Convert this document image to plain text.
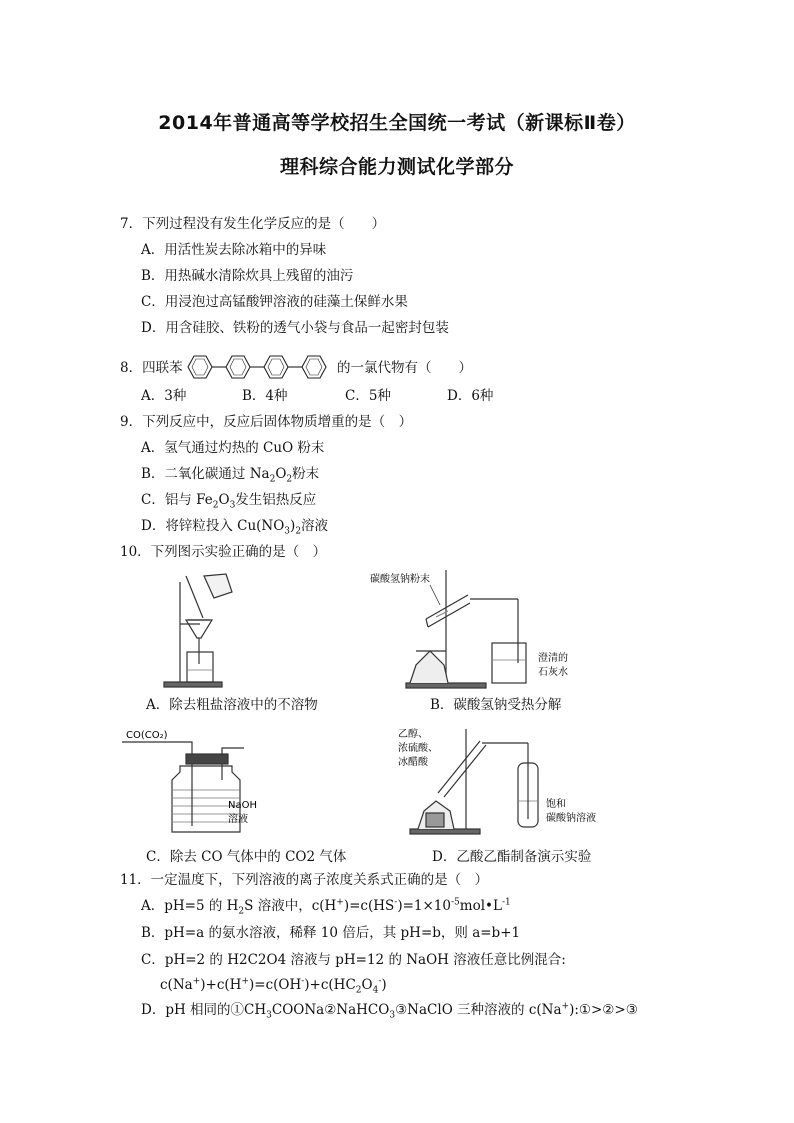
2014年普通高等学校招生全国统一考试（新课标Ⅱ卷）
理科综合能力测试化学部分
7．下列过程没有发生化学反应的是（　　）
A．用活性炭去除冰箱中的异味
B．用热碱水清除炊具上残留的油污
C．用浸泡过高锰酸钾溶液的硅藻土保鲜水果
D．用含硅胶、铁粉的透气小袋与食品一起密封包装
8．四联苯	的一氯代物有（　　）
A．3种	B．4种	C．5种	D．6种
9．下列反应中，反应后固体物质增重的是（　）
A．氢气通过灼热的 CuO 粉末
B．二氧化碳通过 $Na_2O_2$粉末
C．铝与 $Fe_2O_3$发生铝热反应
D．将锌粒投入 $Cu(NO_3)_2$溶液
10．下列图示实验正确的是（　）
A．除去粗盐溶液中的不溶物
碳酸氢钠粉末
澄清的
石灰水
B．碳酸氢钠受热分解
CO(CO₂)
NaOH
溶液
C．除去 CO 气体中的 CO2 气体
乙醇、
浓硫酸、
冰醋酸
饱和
碳酸钠溶液
D．乙酸乙酯制备演示实验
11．一定温度下，下列溶液的离子浓度关系式正确的是（　）
A．pH=5 的 $H_2S$ 溶液中，$c(H^+)=c(HS^-)=1\times 10^{-5}mol•L^{-1}$
B．pH=a 的氨水溶液，稀释 10 倍后，其 pH=b，则 a=b+1
C．pH=2 的 H2C2O4 溶液与 pH=12 的 NaOH 溶液任意比例混合:
$c(Na^+)+c(H^+)=c(OH^-)+c(HC_2O_4^-)$
D．pH 相同的$①CH_3COONa②NaHCO_3③NaClO$ 三种溶液的 c(Na+):①>②>③
